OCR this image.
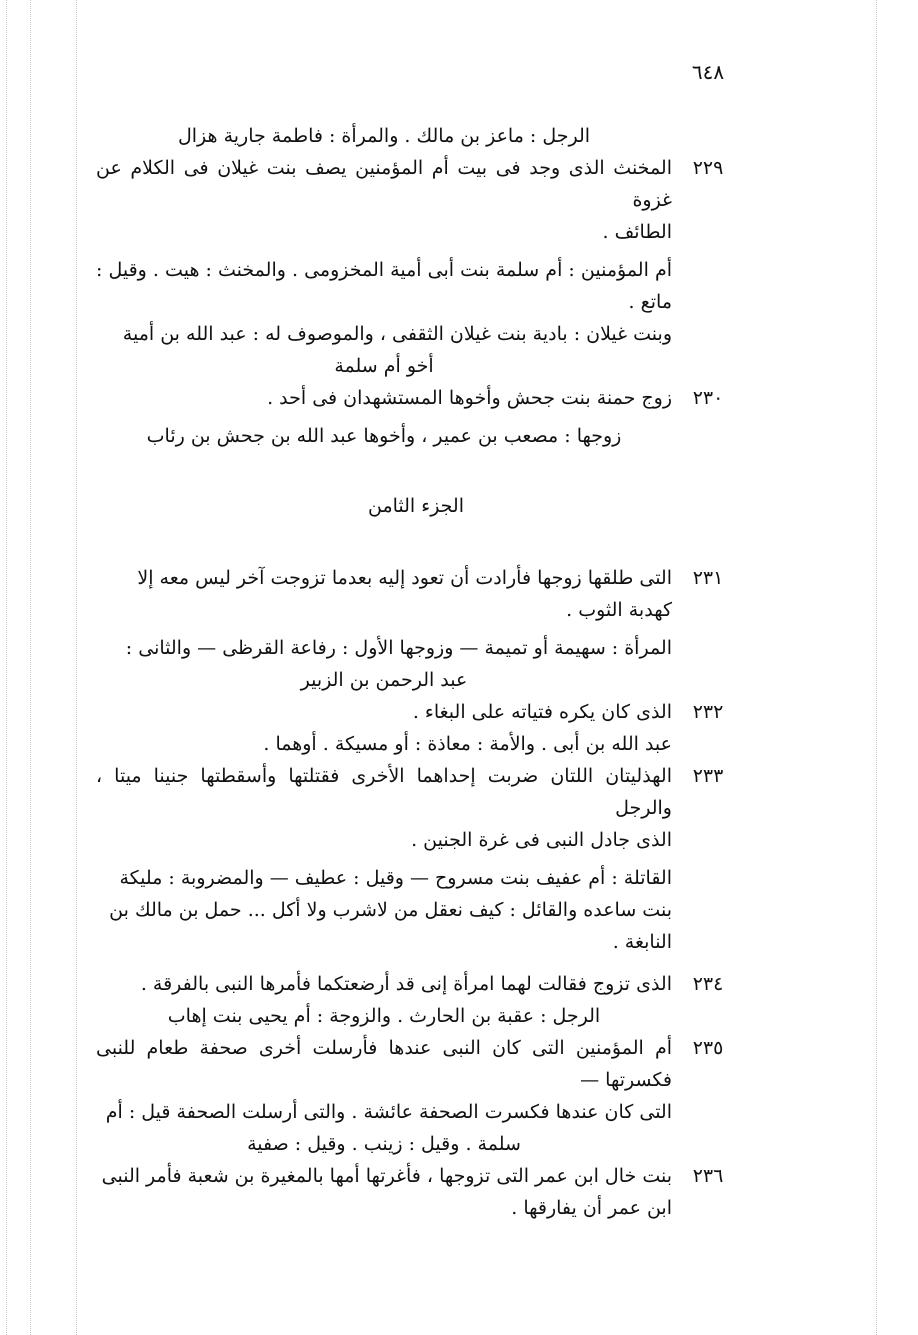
٦٤٨
الرجل : ماعز بن مالك . والمرأة : فاطمة جارية هزال
٢٢٩
المخنث الذى وجد فى بيت أم المؤمنين يصف بنت غيلان فى الكلام عن غزوة
الطائف .
أم المؤمنين : أم سلمة بنت أبى أمية المخزومى . والمخنث : هيت . وقيل : ماتع .
وبنت غيلان : بادية بنت غيلان الثقفى ، والموصوف له : عبد الله بن أمية
أخو أم سلمة
٢٣٠
زوج حمنة بنت جحش وأخوها المستشهدان فى أحد .
زوجها : مصعب بن عمير ، وأخوها عبد الله بن جحش بن رئاب
الجزء الثامن
٢٣١
التى طلقها زوجها فأرادت أن تعود إليه بعدما تزوجت آخر ليس معه إلا
كهدبة الثوب .
المرأة : سهيمة أو تميمة — وزوجها الأول : رفاعة القرظى — والثانى :
عبد الرحمن بن الزبير
٢٣٢
الذى كان يكره فتياته على البغاء .
عبد الله بن أبى . والأمة : معاذة : أو مسيكة . أوهما .
٢٣٣
الهذليتان اللتان ضربت إحداهما الأخرى فقتلتها وأسقطتها جنينا ميتا ، والرجل
الذى جادل النبى فى غرة الجنين .
القاتلة : أم عفيف بنت مسروح — وقيل : عطيف — والمضروبة : مليكة
بنت ساعده والقائل : كيف نعقل من لاشرب ولا أكل ... حمل بن مالك بن
النابغة .
٢٣٤
الذى تزوج فقالت لهما امرأة إنى قد أرضعتكما فأمرها النبى بالفرقة .
الرجل : عقبة بن الحارث . والزوجة : أم يحيى بنت إهاب
٢٣٥
أم المؤمنين التى كان النبى عندها فأرسلت أخرى صحفة طعام للنبى فكسرتها —
التى كان عندها فكسرت الصحفة عائشة . والتى أرسلت الصحفة قيل : أم
سلمة . وقيل : زينب . وقيل : صفية
٢٣٦
بنت خال ابن عمر التى تزوجها ، فأغرتها أمها بالمغيرة بن شعبة فأمر النبى
ابن عمر أن يفارقها .
